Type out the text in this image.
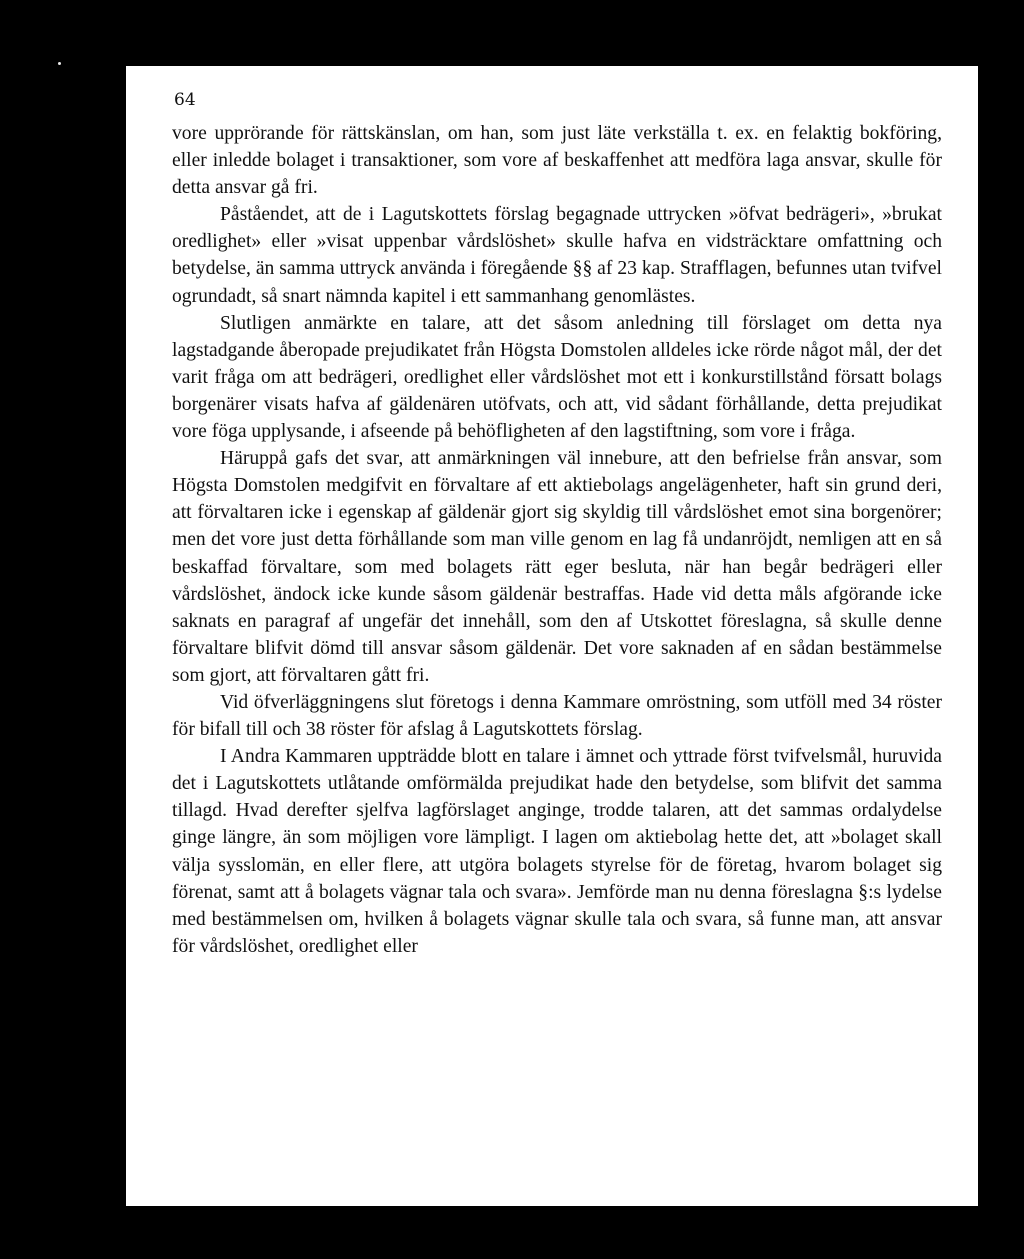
64

vore upprörande för rättskänslan, om han, som just läte verkställa t. ex. en felaktig bokföring, eller inledde bolaget i transaktioner, som vore af beskaffenhet att medföra laga ansvar, skulle för detta ansvar gå fri.

Påståendet, att de i Lagutskottets förslag begagnade uttrycken »öfvat bedrägeri», »brukat oredlighet» eller »visat uppenbar vårdslöshet» skulle hafva en vidsträcktare omfattning och betydelse, än samma uttryck användа i föregående §§ af 23 kap. Strafflagen, befunnes utan tvifvel ogrundadt, så snart nämnda kapitel i ett sammanhang genomlästes.

Slutligen anmärkte en talare, att det såsom anledning till förslaget om detta nya lagstadgande åberopade prejudikatet från Högsta Domstolen alldeles icke rörde något mål, der det varit fråga om att bedrägeri, oredlighet eller vårdslöshet mot ett i konkurstillstånd försatt bolags borgenärer visats hafva af gäldenären utöfvats, och att, vid sådant förhållande, detta prejudikat vore föga upplysande, i afseende på behöfligheten af den lagstiftning, som vore i fråga.

Häruppå gafs det svar, att anmärkningen väl innebure, att den befrielse från ansvar, som Högsta Domstolen medgifvit en förvaltare af ett aktiebolags angelägenheter, haft sin grund deri, att förvaltaren icke i egenskap af gäldenär gjort sig skyldig till vårdslöshet emot sina borgenörer; men det vore just detta förhållande som man ville genom en lag få undanröjdt, nemligen att en så beskaffad förvaltare, som med bolagets rätt eger besluta, när han begår bedrägeri eller vårdslöshet, ändock icke kunde såsom gäldenär bestraffas. Hade vid detta måls afgörande icke saknats en paragraf af ungefär det innehåll, som den af Utskottet föreslagna, så skulle denne förvaltare blifvit dömd till ansvar såsom gäldenär. Det vore saknaden af en sådan bestämmelse som gjort, att förvaltaren gått fri.

Vid öfverläggningens slut företogs i denna Kammare omröstning, som utföll med 34 röster för bifall till och 38 röster för afslag å Lagutskottets förslag.

I Andra Kammaren uppträdde blott en talare i ämnet och yttrade först tvifvelsmål, huruvida det i Lagutskottets utlåtande omförmälda prejudikat hade den betydelse, som blifvit det samma tillagd. Hvad derefter sjelfva lagförslaget anginge, trodde talaren, att det sammas ordalydelse ginge längre, än som möjligen vore lämpligt. I lagen om aktiebolag hette det, att »bolaget skall välja sysslomän, en eller flere, att utgöra bolagets styrelse för de företag, hvarom bolaget sig förenat, samt att å bolagets vägnar tala och svara». Jemförde man nu denna föreslagna §:s lydelse med bestämmelsen om, hvilken å bolagets vägnar skulle tala och svara, så funne man, att ansvar för vårdslöshet, oredlighet eller
